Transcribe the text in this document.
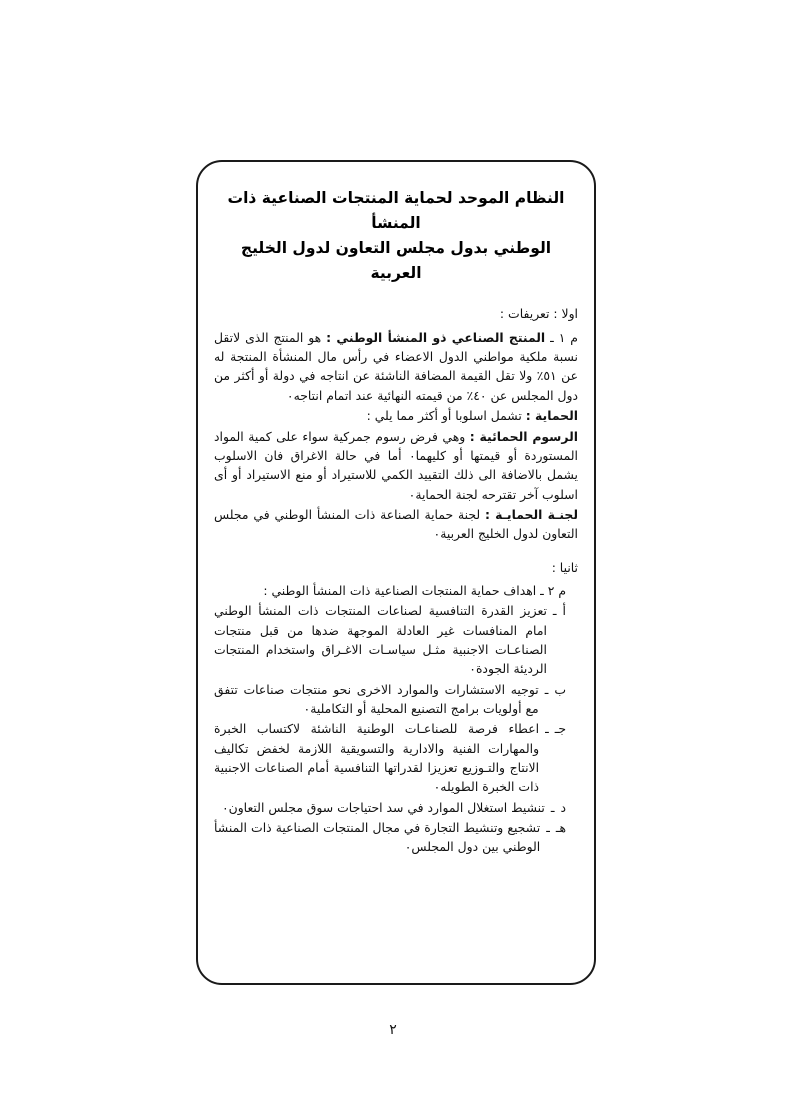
النظام الموحد لحماية المنتجات الصناعية ذات المنشأ
الوطني بدول مجلس التعاون لدول الخليج العربية
اولا : تعريفات :
م ١ ـ المنتج الصناعي ذو المنشأ الوطني : هو المنتج الذى لاتقل نسبة ملكية مواطني الدول الاعضاء في رأس مال المنشأة المنتجة له عن ٥١٪ ولا تقل القيمة المضافة الناشئة عن انتاجه في دولة أو أكثر من دول المجلس عن ٤٠٪ من قيمته النهائية عند اتمام انتاجه٠
الحماية : تشمل اسلوبا أو أكثر مما يلي :
الرسوم الحمائية : وهي فرض رسوم جمركية سواء على كمية المواد المستوردة أو قيمتها أو كليهما٠ أما في حالة الاغراق فان الاسلوب يشمل بالاضافة الى ذلك التقييد الكمي للاستيراد أو منع الاستيراد أو أى اسلوب آخر تقترحه لجنة الحماية٠
لجنـة الحمايـة : لجنة حماية الصناعة ذات المنشأ الوطني في مجلس التعاون لدول الخليج العربية٠
ثانيا :
م ٢ ـ اهداف حماية المنتجات الصناعية ذات المنشأ الوطني :
أ
ـ
تعزيز القدرة التنافسية لصناعات المنتجات ذات المنشأ الوطني امام المنافسات غير العادلة الموجهة ضدها من قبل منتجات الصناعـات الاجنبية مثـل سياسـات الاغـراق واستخدام المنتجات الرديئة الجودة٠
ب
ـ
توجيه الاستشارات والموارد الاخرى نحو منتجات صناعات تتفق مع أولويات برامج التصنيع المحلية أو التكاملية٠
جـ
ـ
اعطاء فرصة للصناعـات الوطنية الناشئة لاكتساب الخبرة والمهارات الفنية والادارية والتسويقية اللازمة لخفض تكاليف الانتاج والتـوزيع تعزيزا لقدراتها التنافسية أمام الصناعات الاجنبية ذات الخبرة الطويله٠
د
ـ
تنشيط استغلال الموارد في سد احتياجات سوق مجلس التعاون٠
هـ
ـ
تشجيع وتنشيط التجارة في مجال المنتجات الصناعية ذات المنشأ الوطني بين دول المجلس٠
٢
